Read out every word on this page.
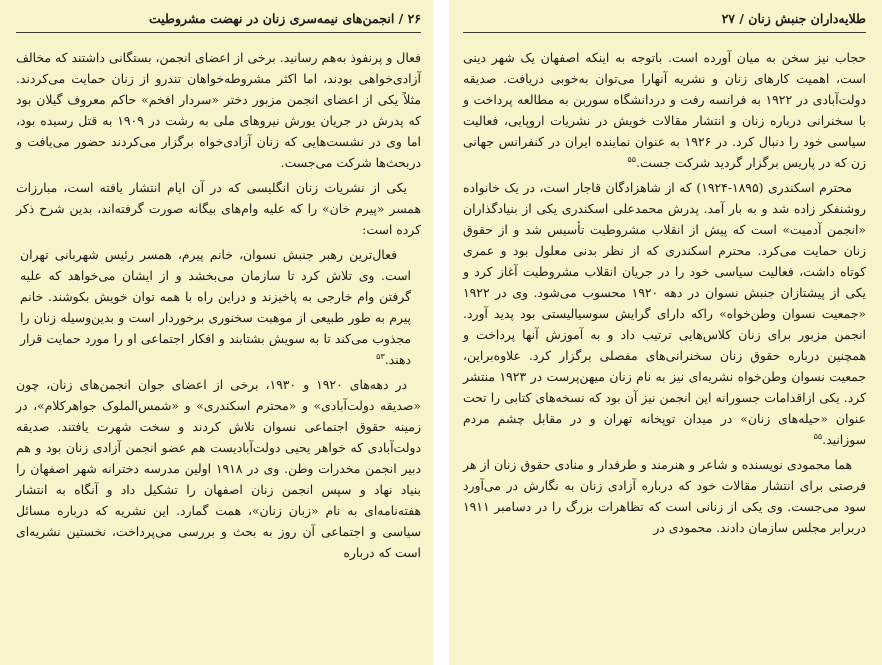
۲۶ / انجمن‌های نیمه‌سری زنان در نهضت مشروطیت

فعال و پرنفوذ به‌هم رسانید. برخی از اعضای انجمن، بستگانی داشتند که مخالف آزادی‌خواهی بودند، اما اکثر مشروطه‌خواهان تندرو از زنان حمایت می‌کردند. مثلاً یکی از اعضای انجمن مزبور دختر «سردار افخم» حاکم معروف گیلان بود که پدرش در جریان یورش نیروهای ملی به رشت در ۱۹۰۹ به قتل رسیده بود، اما وی در نشست‌هایی که زنان آزادی‌خواه برگزار می‌کردند حضور می‌یافت و دربحث‌ها شرکت می‌جست.

یکی از نشریات زنان انگلیسی که در آن ایام انتشار یافته است، مبارزات همسر «پیرم خان» را که علیه وام‌های بیگانه صورت گرفته‌اند، بدین شرح ذکر کرده است:

فعال‌ترین رهبر جنبش نسوان، خانم پیرم، همسر رئیس شهربانی تهران است. وی تلاش کرد تا سازمان می‌بخشد و از ایشان می‌خواهد که علیه گرفتن وام خارجی به‌ پاخیزند و دراین راه با همه توان خویش بکوشند. خانم پیرم به طور طبیعی از موهبت سخنوری برخوردار است و بدین‌وسیله زنان را مجذوب می‌کند تا به سویش بشتابند و افکار اجتماعی او را مورد حمایت قرار دهند.$^{۵۳}$

در دهه‌های ۱۹۲۰ و ۱۹۳۰، برخی از اعضای جوان انجمن‌های زنان، چون «صدیقه دولت‌آبادی» و «محترم اسکندری» و «شمس‌الملوک جواهرکلام»، در زمینه حقوق اجتماعی نسوان تلاش کردند و سخت شهرت یافتند. صدیقه دولت‌آبادی که خواهر یحیی دولت‌آبادیست هم عضو انجمن آزادی زنان بود و هم دبیر انجمن مخدرات وطن. وی در ۱۹۱۸ اولین مدرسه دخترانه شهر اصفهان را بنیاد نهاد و سپس انجمن زنان اصفهان را تشکیل داد و آنگاه به انتشار هفته‌نامه‌ای به نام «زبان زنان»، همت گمارد. این نشریه که درباره مسائل سیاسی و اجتماعی آن روز به بحث و بررسی می‌پرداخت، نخستین نشریه‌ای است که درباره

طلایه‌داران جنبش زنان / ۲۷

حجاب نیز سخن به میان آورده است. باتوجه به اینکه اصفهان یک شهر دینی است، اهمیت کارهای زنان و نشریه آنهارا می‌توان به‌خوبی دریافت. صدیقه دولت‌آبادی در ۱۹۲۲ به فرانسه رفت و دردانشگاه سوربن به مطالعه پرداخت و با سخنرانی درباره زنان و انتشار مقالات خویش در نشریات اروپایی، فعالیت سیاسی خود را دنبال کرد. در ۱۹۲۶ به عنوان نماینده ایران در کنفرانس جهانی زن که در پاریس برگزار گردید شرکت جست.$^{۵۵}$

محترم اسکندری (۱۸۹۵-۱۹۲۴) که از شاهزادگان قاجار است، در یک خانواده روشنفکر زاده شد و به بار آمد. پدرش محمدعلی اسکندری یکی از بنیادگذاران «انجمن آدمیت» است که پیش از انقلاب مشروطیت تأسیس شد و از حقوق زنان حمایت می‌کرد. محترم اسکندری که از نظر بدنی معلول بود و عمری کوتاه داشت، فعالیت سیاسی خود را در جریان انقلاب مشروطیت آغاز کرد و یکی از پیشتازان جنبش نسوان در دهه ۱۹۲۰ محسوب می‌شود. وی در ۱۹۲۲ «جمعیت نسوان وطن‌خواه» راکه دارای گرایش سوسیالیستی بود پدید آورد. انجمن مزبور برای زنان کلاس‌هایی ترتیب داد و به آموزش آنها پرداخت و همچنین درباره حقوق زنان سخنرانی‌های مفصلی برگزار کرد. علاوه‌براین، جمعیت نسوان وطن‌خواه نشریه‌ای نیز به نام زنان میهن‌پرست در ۱۹۲۳ منتشر کرد. یکی ازاقدامات جسورانه این انجمن نیز آن بود که نسخه‌های کتابی را تحت عنوان «حیله‌های زنان» در میدان توپخانه تهران و در مقابل چشم مردم سوزانید.$^{۵۵}$

هما محمودی نویسنده و شاعر و هنرمند و طرفدار و منادی حقوق زنان از هر فرصتی برای انتشار مقالات خود که درباره آزادی زنان به نگارش در می‌آورد سود می‌جست. وی یکی از زنانی است که تظاهرات بزرگ را در دسامبر ۱۹۱۱ دربرابر مجلس سازمان دادند. محمودی در
